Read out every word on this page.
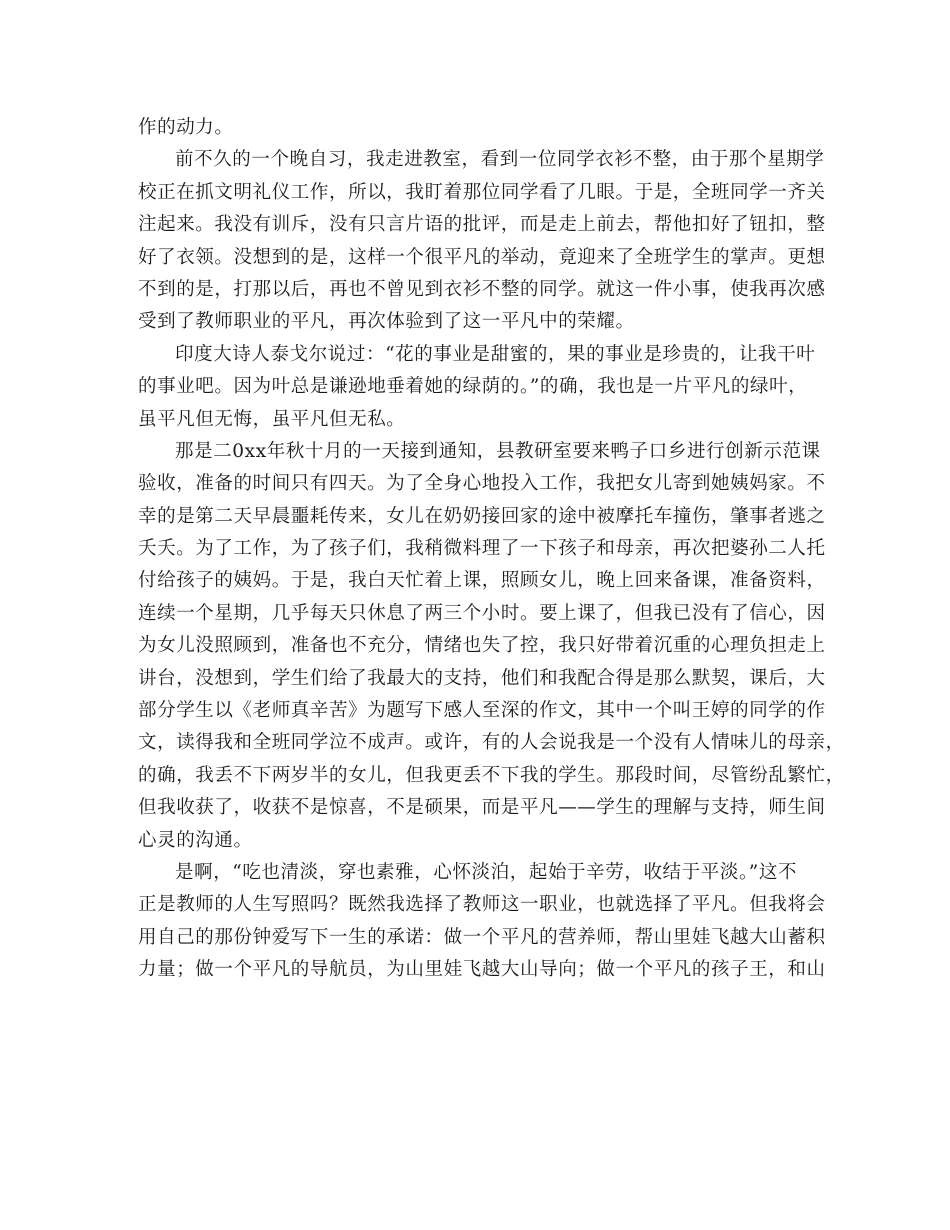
作的动力。
前不久的一个晚自习，我走进教室，看到一位同学衣衫不整，由于那个星期学
校正在抓文明礼仪工作，所以，我盯着那位同学看了几眼。于是，全班同学一齐关
注起来。我没有训斥，没有只言片语的批评，而是走上前去，帮他扣好了钮扣，整
好了衣领。没想到的是，这样一个很平凡的举动，竟迎来了全班学生的掌声。更想
不到的是，打那以后，再也不曾见到衣衫不整的同学。就这一件小事，使我再次感
受到了教师职业的平凡，再次体验到了这一平凡中的荣耀。
印度大诗人泰戈尔说过：“花的事业是甜蜜的，果的事业是珍贵的，让我干叶
的事业吧。因为叶总是谦逊地垂着她的绿荫的。”的确，我也是一片平凡的绿叶，
虽平凡但无悔，虽平凡但无私。
那是二0xx年秋十月的一天接到通知，县教研室要来鸭子口乡进行创新示范课
验收，准备的时间只有四天。为了全身心地投入工作，我把女儿寄到她姨妈家。不
幸的是第二天早晨噩耗传来，女儿在奶奶接回家的途中被摩托车撞伤，肇事者逃之
夭夭。为了工作，为了孩子们，我稍微料理了一下孩子和母亲，再次把婆孙二人托
付给孩子的姨妈。于是，我白天忙着上课，照顾女儿，晚上回来备课，准备资料，
连续一个星期，几乎每天只休息了两三个小时。要上课了，但我已没有了信心，因
为女儿没照顾到，准备也不充分，情绪也失了控，我只好带着沉重的心理负担走上
讲台，没想到，学生们给了我最大的支持，他们和我配合得是那么默契，课后，大
部分学生以《老师真辛苦》为题写下感人至深的作文，其中一个叫王婷的同学的作
文，读得我和全班同学泣不成声。或许，有的人会说我是一个没有人情味儿的母亲，
的确，我丢不下两岁半的女儿，但我更丢不下我的学生。那段时间，尽管纷乱繁忙，
但我收获了，收获不是惊喜，不是硕果，而是平凡——学生的理解与支持，师生间
心灵的沟通。
是啊，“吃也清淡，穿也素雅，心怀淡泊，起始于辛劳，收结于平淡。”这不
正是教师的人生写照吗？既然我选择了教师这一职业，也就选择了平凡。但我将会
用自己的那份钟爱写下一生的承诺：做一个平凡的营养师，帮山里娃飞越大山蓄积
力量；做一个平凡的导航员，为山里娃飞越大山导向；做一个平凡的孩子王，和山
